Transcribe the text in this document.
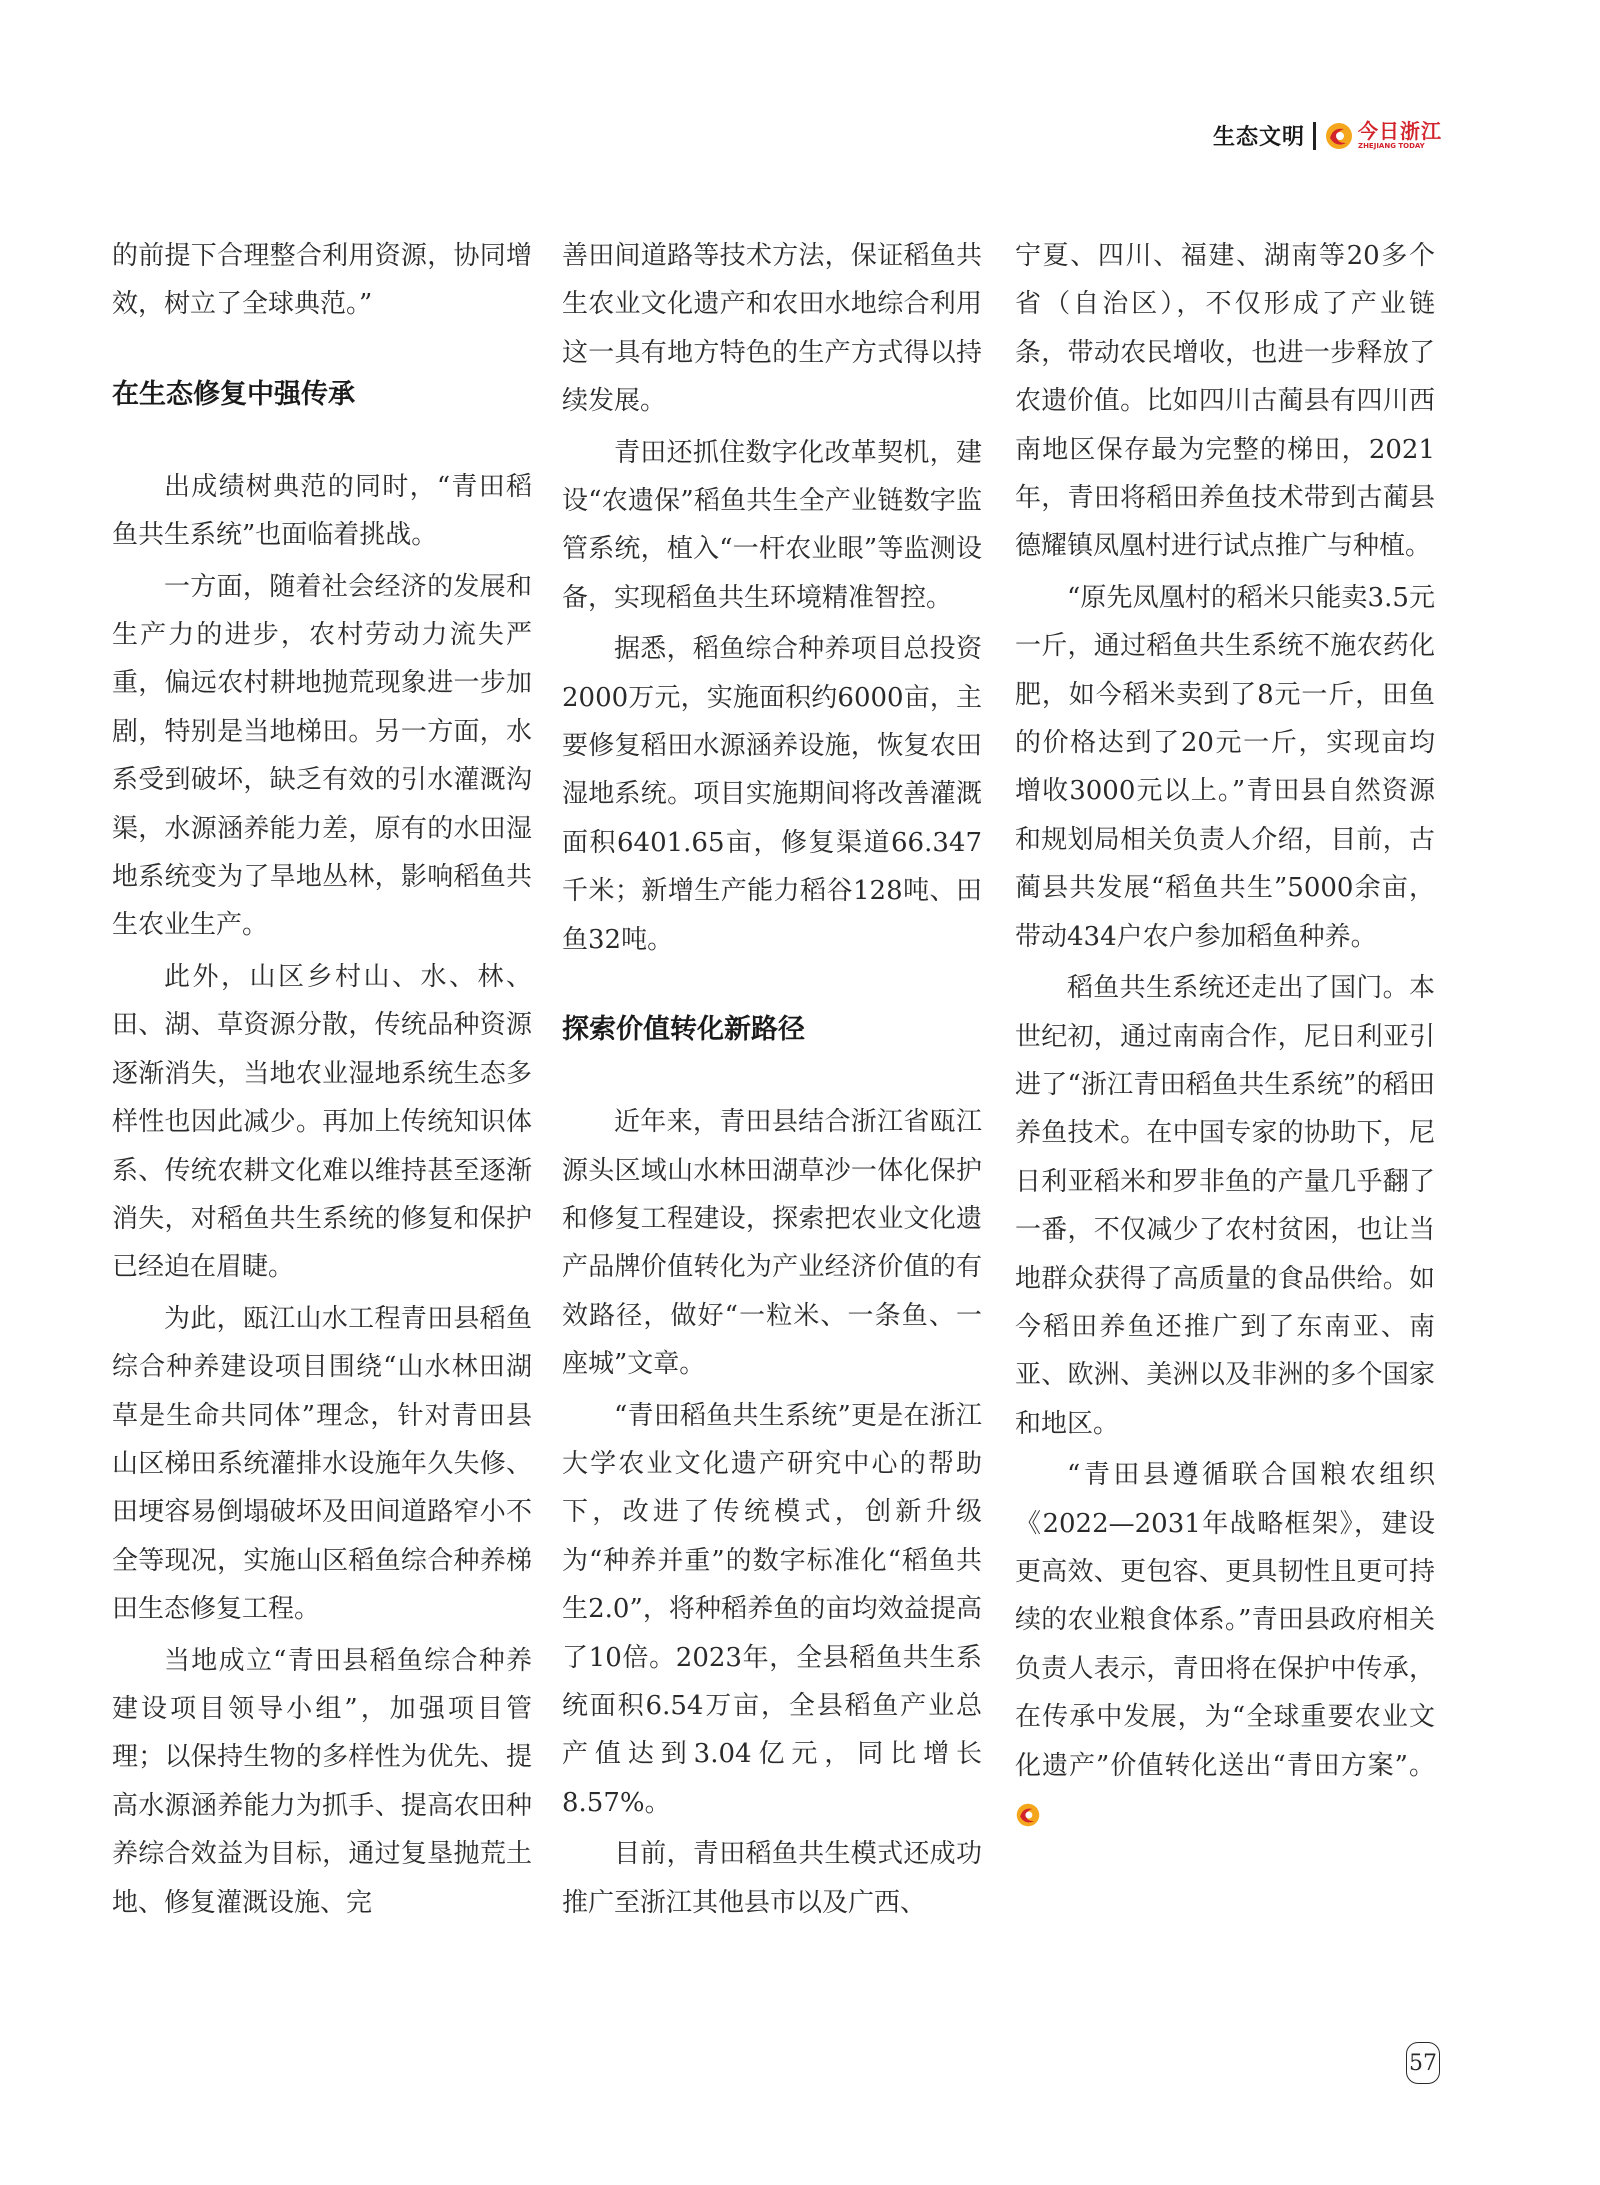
生态文明	今日浙江
ZHEJIANG TODAY

的前提下合理整合利用资源，协同增效，树立了全球典范。”

在生态修复中强传承

出成绩树典范的同时，“青田稻鱼共生系统”也面临着挑战。

一方面，随着社会经济的发展和生产力的进步，农村劳动力流失严重，偏远农村耕地抛荒现象进一步加剧，特别是当地梯田。另一方面，水系受到破坏，缺乏有效的引水灌溉沟渠，水源涵养能力差，原有的水田湿地系统变为了旱地丛林，影响稻鱼共生农业生产。

此外，山区乡村山、水、林、田、湖、草资源分散，传统品种资源逐渐消失，当地农业湿地系统生态多样性也因此减少。再加上传统知识体系、传统农耕文化难以维持甚至逐渐消失，对稻鱼共生系统的修复和保护已经迫在眉睫。

为此，瓯江山水工程青田县稻鱼综合种养建设项目围绕“山水林田湖草是生命共同体”理念，针对青田县山区梯田系统灌排水设施年久失修、田埂容易倒塌破坏及田间道路窄小不全等现况，实施山区稻鱼综合种养梯田生态修复工程。

当地成立“青田县稻鱼综合种养建设项目领导小组”，加强项目管理；以保持生物的多样性为优先、提高水源涵养能力为抓手、提高农田种养综合效益为目标，通过复垦抛荒土地、修复灌溉设施、完

善田间道路等技术方法，保证稻鱼共生农业文化遗产和农田水地综合利用这一具有地方特色的生产方式得以持续发展。

青田还抓住数字化改革契机，建设“农遗保”稻鱼共生全产业链数字监管系统，植入“一杆农业眼”等监测设备，实现稻鱼共生环境精准智控。

据悉，稻鱼综合种养项目总投资2000万元，实施面积约6000亩，主要修复稻田水源涵养设施，恢复农田湿地系统。项目实施期间将改善灌溉面积6401.65亩，修复渠道66.347千米；新增生产能力稻谷128吨、田鱼32吨。

探索价值转化新路径

近年来，青田县结合浙江省瓯江源头区域山水林田湖草沙一体化保护和修复工程建设，探索把农业文化遗产品牌价值转化为产业经济价值的有效路径，做好“一粒米、一条鱼、一座城”文章。

“青田稻鱼共生系统”更是在浙江大学农业文化遗产研究中心的帮助下，改进了传统模式，创新升级为“种养并重”的数字标准化“稻鱼共生2.0”，将种稻养鱼的亩均效益提高了10倍。2023年，全县稻鱼共生系统面积6.54万亩，全县稻鱼产业总产值达到3.04亿元，同比增长8.57%。

目前，青田稻鱼共生模式还成功推广至浙江其他县市以及广西、

宁夏、四川、福建、湖南等20多个省（自治区），不仅形成了产业链条，带动农民增收，也进一步释放了农遗价值。比如四川古蔺县有四川西南地区保存最为完整的梯田，2021年，青田将稻田养鱼技术带到古蔺县德耀镇凤凰村进行试点推广与种植。

“原先凤凰村的稻米只能卖3.5元一斤，通过稻鱼共生系统不施农药化肥，如今稻米卖到了8元一斤，田鱼的价格达到了20元一斤，实现亩均增收3000元以上。”青田县自然资源和规划局相关负责人介绍，目前，古蔺县共发展“稻鱼共生”5000余亩，带动434户农户参加稻鱼种养。

稻鱼共生系统还走出了国门。本世纪初，通过南南合作，尼日利亚引进了“浙江青田稻鱼共生系统”的稻田养鱼技术。在中国专家的协助下，尼日利亚稻米和罗非鱼的产量几乎翻了一番，不仅减少了农村贫困，也让当地群众获得了高质量的食品供给。如今稻田养鱼还推广到了东南亚、南亚、欧洲、美洲以及非洲的多个国家和地区。

“青田县遵循联合国粮农组织《2022—2031年战略框架》，建设更高效、更包容、更具韧性且更可持续的农业粮食体系。”青田县政府相关负责人表示，青田将在保护中传承，在传承中发展，为“全球重要农业文化遗产”价值转化送出“青田方案”。

57
